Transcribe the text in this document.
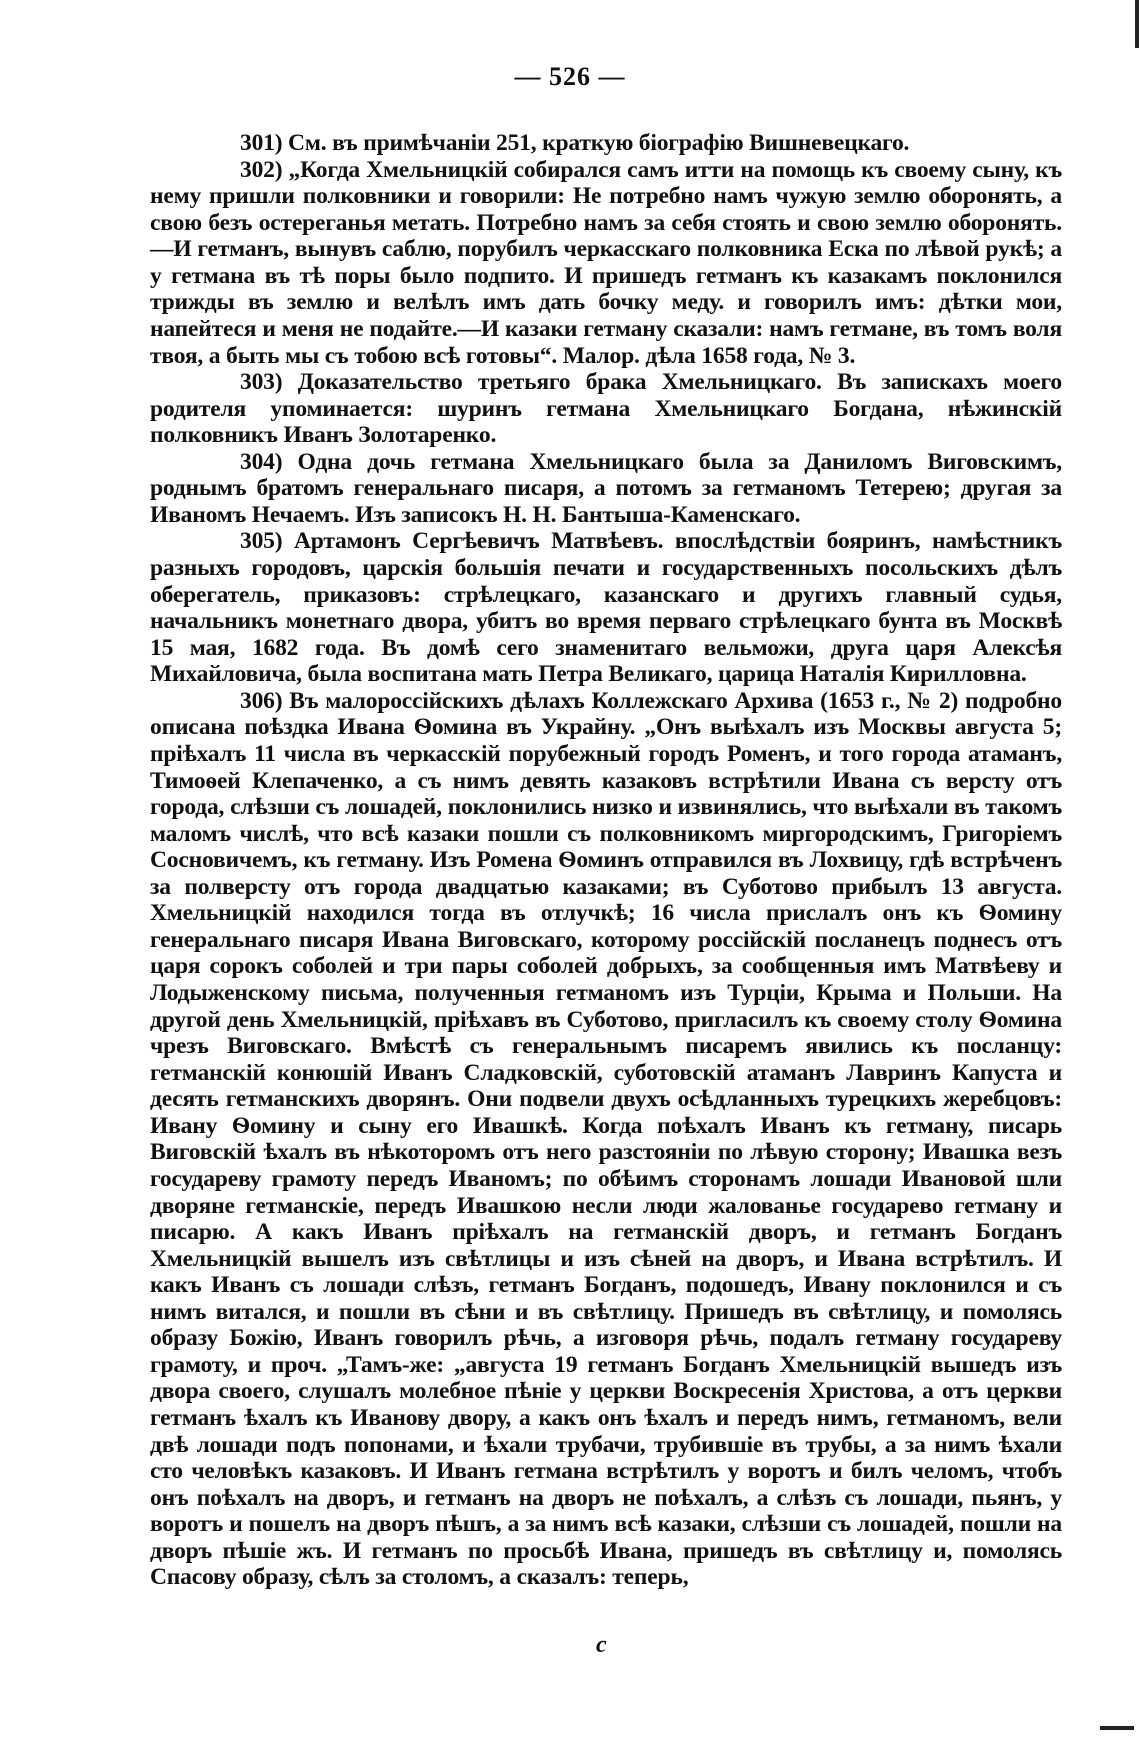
— 526 —

301) См. въ примѣчаніи 251, краткую біографію Вишневецкаго.

302) „Когда Хмельницкій собирался самъ итти на помощь къ своему сыну, къ нему пришли полковники и говорили: Не потребно намъ чужую землю оборонять, а свою безъ остереганья метать. Потребно намъ за себя стоять и свою землю оборонять.—И гетманъ, вынувъ саблю, порубилъ черкасскаго полковника Еска по лѣвой рукѣ; а у гетмана въ тѣ поры было подпито. И пришедъ гетманъ къ казакамъ поклонился трижды въ землю и велѣлъ имъ дать бочку меду. и говорилъ имъ: дѣтки мои, напейтеся и меня не подайте.—И казаки гетману сказали: намъ гетмане, въ томъ воля твоя, а быть мы съ тобою всѣ готовы“. Малор. дѣла 1658 года, № 3.

303) Доказательство третьяго брака Хмельницкаго. Въ запискахъ моего родителя упоминается: шуринъ гетмана Хмельницкаго Богдана, нѣжинскій полковникъ Иванъ Золотаренко.

304) Одна дочь гетмана Хмельницкаго была за Даниломъ Виговскимъ, роднымъ братомъ генеральнаго писаря, а потомъ за гетманомъ Тетерею; другая за Иваномъ Нечаемъ. Изъ записокъ Н. Н. Бантыша-Каменскаго.

305) Артамонъ Сергѣевичъ Матвѣевъ. впослѣдствіи бояринъ, намѣстникъ разныхъ городовъ, царскія большія печати и государственныхъ посольскихъ дѣлъ оберегатель, приказовъ: стрѣлецкаго, казанскаго и другихъ главный судья, начальникъ монетнаго двора, убитъ во время перваго стрѣлецкаго бунта въ Москвѣ 15 мая, 1682 года. Въ домѣ сего знаменитаго вельможи, друга царя Алексѣя Михайловича, была воспитана мать Петра Великаго, царица Наталія Кирилловна.

306) Въ малороссійскихъ дѣлахъ Коллежскаго Архива (1653 г., № 2) подробно описана поѣздка Ивана Ѳомина въ Украйну. „Онъ выѣхалъ изъ Москвы августа 5; пріѣхалъ 11 числа въ черкасскій порубежный городъ Роменъ, и того города атаманъ, Тимоѳей Клепаченко, а съ нимъ девять казаковъ встрѣтили Ивана съ версту отъ города, слѣзши съ лошадей, поклонились низко и извинялись, что выѣхали въ такомъ маломъ числѣ, что всѣ казаки пошли съ полковникомъ миргородскимъ, Григоріемъ Сосновичемъ, къ гетману. Изъ Ромена Ѳоминъ отправился въ Лохвицу, гдѣ встрѣченъ за полверсту отъ города двадцатью казаками; въ Суботово прибылъ 13 августа. Хмельницкій находился тогда въ отлучкѣ; 16 числа прислалъ онъ къ Ѳомину генеральнаго писаря Ивана Виговскаго, которому россійскій посланецъ поднесъ отъ царя сорокъ соболей и три пары соболей добрыхъ, за сообщенныя имъ Матвѣеву и Лодыженскому письма, полученныя гетманомъ изъ Турціи, Крыма и Польши. На другой день Хмельницкій, пріѣхавъ въ Суботово, пригласилъ къ своему столу Ѳомина чрезъ Виговскаго. Вмѣстѣ съ генеральнымъ писаремъ явились къ посланцу: гетманскій конюшій Иванъ Сладковскій, суботовскій атаманъ Лавринъ Капуста и десять гетманскихъ дворянъ. Они подвели двухъ осѣдланныхъ турецкихъ жеребцовъ: Ивану Ѳомину и сыну его Ивашкѣ. Когда поѣхалъ Иванъ къ гетману, писарь Виговскій ѣхалъ въ нѣкоторомъ отъ него разстояніи по лѣвую сторону; Ивашка везъ государеву грамоту передъ Иваномъ; по обѣимъ сторонамъ лошади Ивановой шли дворяне гетманскіе, передъ Ивашкою несли люди жалованье государево гетману и писарю. А какъ Иванъ пріѣхалъ на гетманскій дворъ, и гетманъ Богданъ Хмельницкій вышелъ изъ свѣтлицы и изъ сѣней на дворъ, и Ивана встрѣтилъ. И какъ Иванъ съ лошади слѣзъ, гетманъ Богданъ, подошедъ, Ивану поклонился и съ нимъ витался, и пошли въ сѣни и въ свѣтлицу. Пришедъ въ свѣтлицу, и помолясь образу Божію, Иванъ говорилъ рѣчь, а изговоря рѣчь, подалъ гетману государеву грамоту, и проч. „Тамъ-же: „августа 19 гетманъ Богданъ Хмельницкій вышедъ изъ двора своего, слушалъ молебное пѣніе у церкви Воскресенія Христова, а отъ церкви гетманъ ѣхалъ къ Иванову двору, а какъ онъ ѣхалъ и передъ нимъ, гетманомъ, вели двѣ лошади подъ попонами, и ѣхали трубачи, трубившіе въ трубы, а за нимъ ѣхали сто человѣкъ казаковъ. И Иванъ гетмана встрѣтилъ у воротъ и билъ челомъ, чтобъ онъ поѣхалъ на дворъ, и гетманъ на дворъ не поѣхалъ, а слѣзъ съ лошади, пьянъ, у воротъ и пошелъ на дворъ пѣшъ, а за нимъ всѣ казаки, слѣзши съ лошадей, пошли на дворъ пѣшіе жъ. И гетманъ по просьбѣ Ивана, пришедъ въ свѣтлицу и, помолясь Спасову образу, сѣлъ за столомъ, а сказалъ: теперь,

c
